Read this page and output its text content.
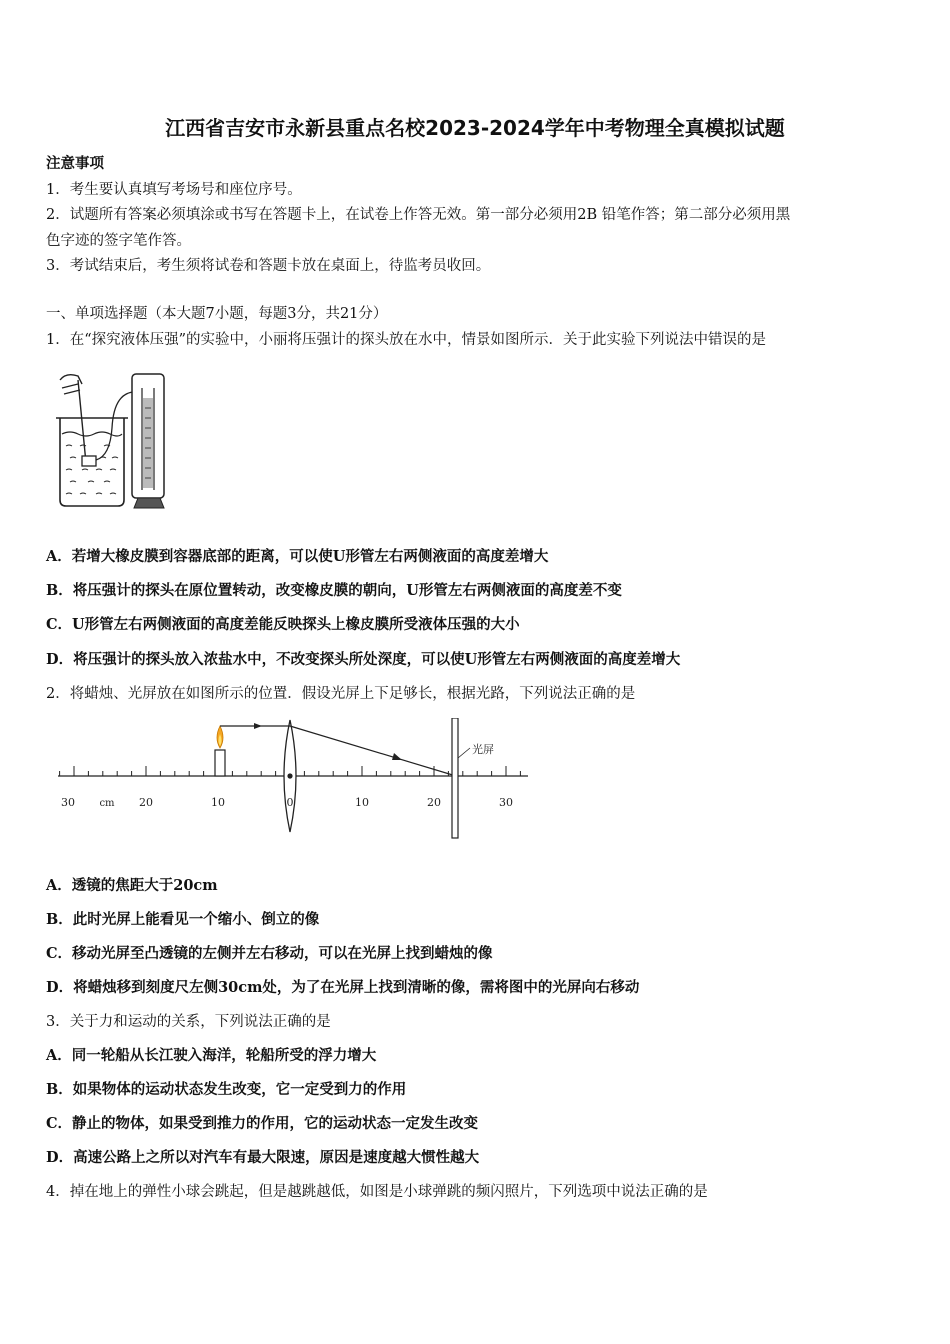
江西省吉安市永新县重点名校2023-2024学年中考物理全真模拟试题
注意事项
1．考生要认真填写考场号和座位序号。
2．试题所有答案必须填涂或书写在答题卡上，在试卷上作答无效。第一部分必须用2B 铅笔作答；第二部分必须用黑
色字迹的签字笔作答。
3．考试结束后，考生须将试卷和答题卡放在桌面上，待监考员收回。
一、单项选择题（本大题7小题，每题3分，共21分）
1．在“探究液体压强”的实验中，小丽将压强计的探头放在水中，情景如图所示．关于此实验下列说法中错误的是
A．若增大橡皮膜到容器底部的距离，可以使U形管左右两侧液面的高度差增大
B．将压强计的探头在原位置转动，改变橡皮膜的朝向，U形管左右两侧液面的高度差不变
C．U形管左右两侧液面的高度差能反映探头上橡皮膜所受液体压强的大小
D．将压强计的探头放入浓盐水中，不改变探头所处深度，可以使U形管左右两侧液面的高度差增大
2．将蜡烛、光屏放在如图所示的位置．假设光屏上下足够长，根据光路，下列说法正确的是
光屏
30 cm 20	10	0	10	20	30
A．透镜的焦距大于20cm
B．此时光屏上能看见一个缩小、倒立的像
C．移动光屏至凸透镜的左侧并左右移动，可以在光屏上找到蜡烛的像
D．将蜡烛移到刻度尺左侧30cm处，为了在光屏上找到清晰的像，需将图中的光屏向右移动
3．关于力和运动的关系，下列说法正确的是
A．同一轮船从长江驶入海洋，轮船所受的浮力增大
B．如果物体的运动状态发生改变，它一定受到力的作用
C．静止的物体，如果受到推力的作用，它的运动状态一定发生改变
D．高速公路上之所以对汽车有最大限速，原因是速度越大惯性越大
4．掉在地上的弹性小球会跳起，但是越跳越低，如图是小球弹跳的频闪照片，下列选项中说法正确的是
